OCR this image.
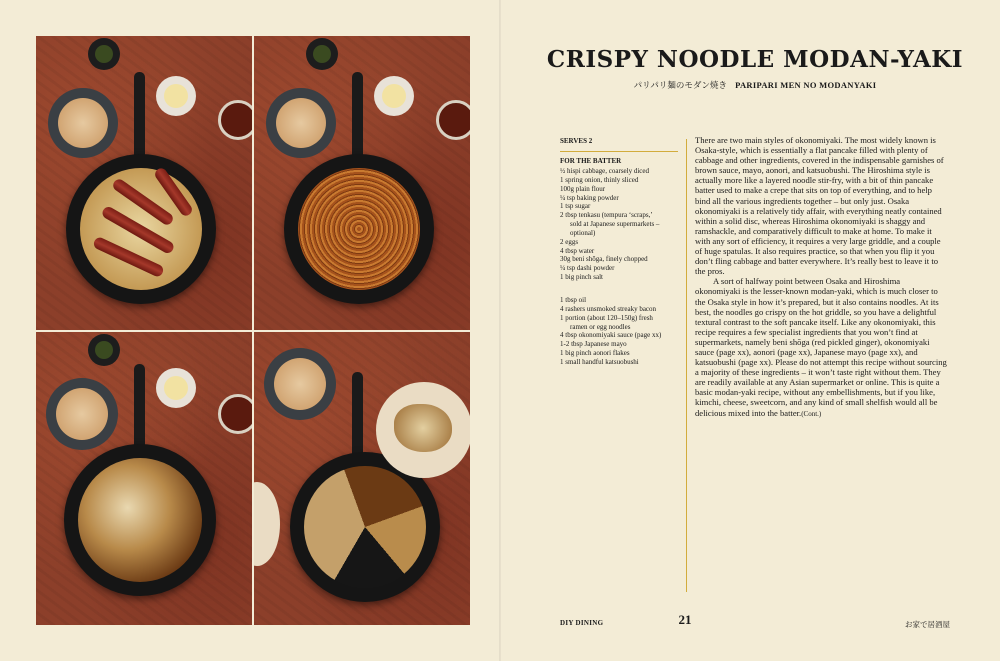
CRISPY NOODLE MODAN-YAKI
パリパリ麺のモダン焼き PARIPARI MEN NO MODANYAKI
SERVES 2
FOR THE BATTER
½ hispi cabbage, coarsely diced
1 spring onion, thinly sliced
100g plain flour
¼ tsp baking powder
1 tsp sugar
2 tbsp tenkasu (tempura ‘scraps,’
sold at Japanese supermarkets –
optional)
2 eggs
4 tbsp water
30g beni shōga, finely chopped
¼ tsp dashi powder
1 big pinch salt
1 tbsp oil
4 rashers unsmoked streaky bacon
1 portion (about 120–150g) fresh
ramen or egg noodles
4 tbsp okonomiyaki sauce (page xx)
1-2 tbsp Japanese mayo
1 big pinch aonori flakes
1 small handful katsuobushi

There are two main styles of okonomiyaki. The most widely known is Osaka-style, which is essentially a flat pancake filled with plenty of cabbage and other ingredients, covered in the indispensable garnishes of brown sauce, mayo, aonori, and katsuobushi. The Hiroshima style is actually more like a layered noodle stir-fry, with a bit of thin pancake batter used to make a crepe that sits on top of everything, and to help bind all the various ingredients together – but only just. Osaka okonomiyaki is a relatively tidy affair, with everything neatly contained within a solid disc, whereas Hiroshima okonomiyaki is shaggy and ramshackle, and comparatively difficult to make at home. To make it with any sort of efficiency, it requires a very large griddle, and a couple of huge spatulas. It also requires practice, so that when you flip it you don’t fling cabbage and batter everywhere. It’s really best to leave it to the pros.

A sort of halfway point between Osaka and Hiroshima okonomiyaki is the lesser-known modan-yaki, which is much closer to the Osaka style in how it’s prepared, but it also contains noodles. At its best, the noodles go crispy on the hot griddle, so you have a delightful textural contrast to the soft pancake itself. Like any okonomiyaki, this recipe requires a few specialist ingredients that you won’t find at supermarkets, namely beni shōga (red pickled ginger), okonomiyaki sauce (page xx), aonori (page xx), Japanese mayo (page xx), and katsuobushi (page xx). Please do not attempt this recipe without sourcing a majority of these ingredients – it won’t taste right without them. They are readily available at any Asian supermarket or online. This is quite a basic modan-yaki recipe, without any embellishments, but if you like, kimchi, cheese, sweetcorn, and any kind of small shelfish would all be delicious mixed into the batter.(Cont.)

DIY DINING	21	お家で居酒屋
